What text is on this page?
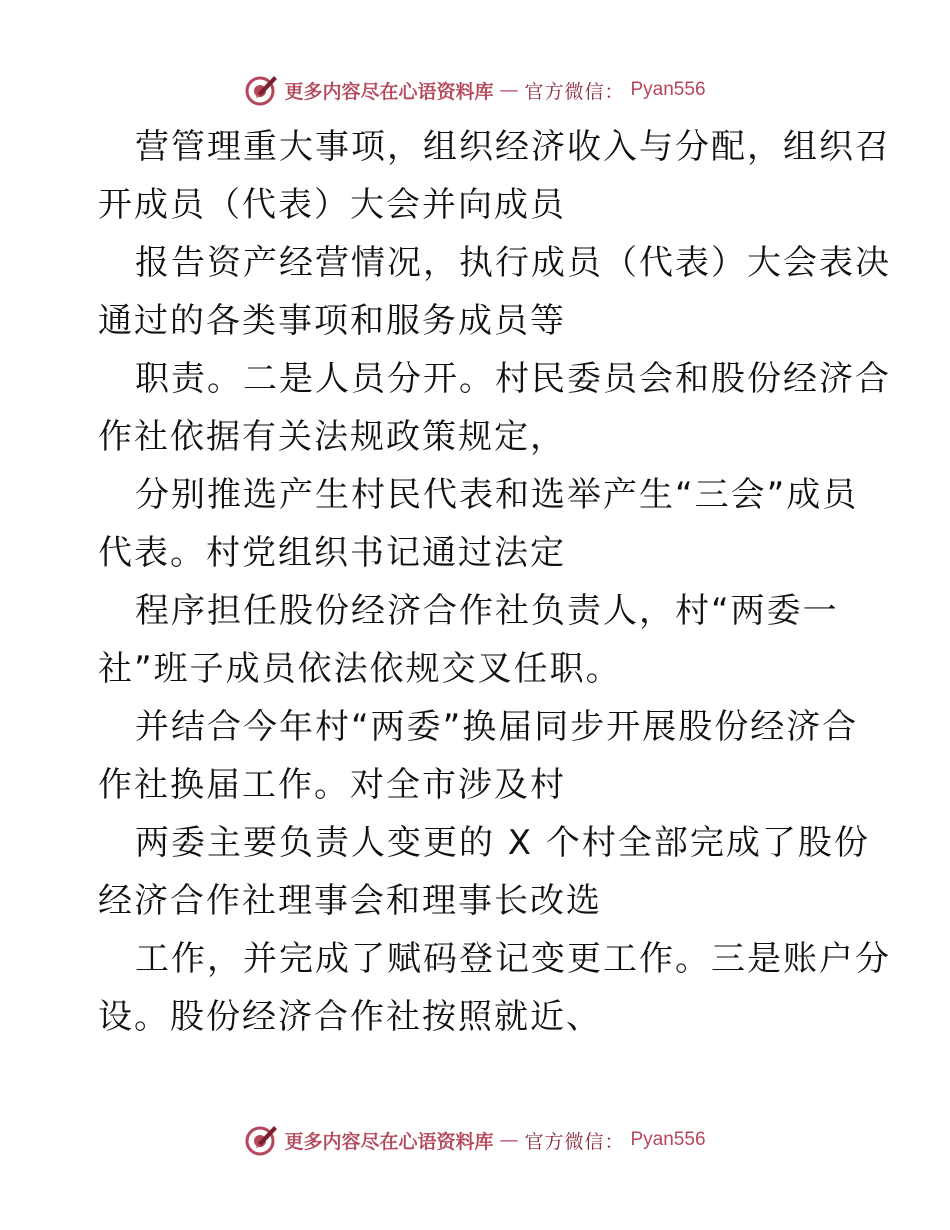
更多内容尽在心语资料库 — 官方微信： Pyan556
营管理重大事项，组织经济收入与分配，组织召
开成员（代表）大会并向成员
报告资产经营情况，执行成员（代表）大会表决
通过的各类事项和服务成员等
职责。二是人员分开。村民委员会和股份经济合
作社依据有关法规政策规定，
分别推选产生村民代表和选举产生“三会”成员
代表。村党组织书记通过法定
程序担任股份经济合作社负责人，村“两委一
社”班子成员依法依规交叉任职。
并结合今年村“两委”换届同步开展股份经济合
作社换届工作。对全市涉及村
两委主要负责人变更的 X 个村全部完成了股份
经济合作社理事会和理事长改选
工作，并完成了赋码登记变更工作。三是账户分
设。股份经济合作社按照就近、
更多内容尽在心语资料库 — 官方微信： Pyan556
